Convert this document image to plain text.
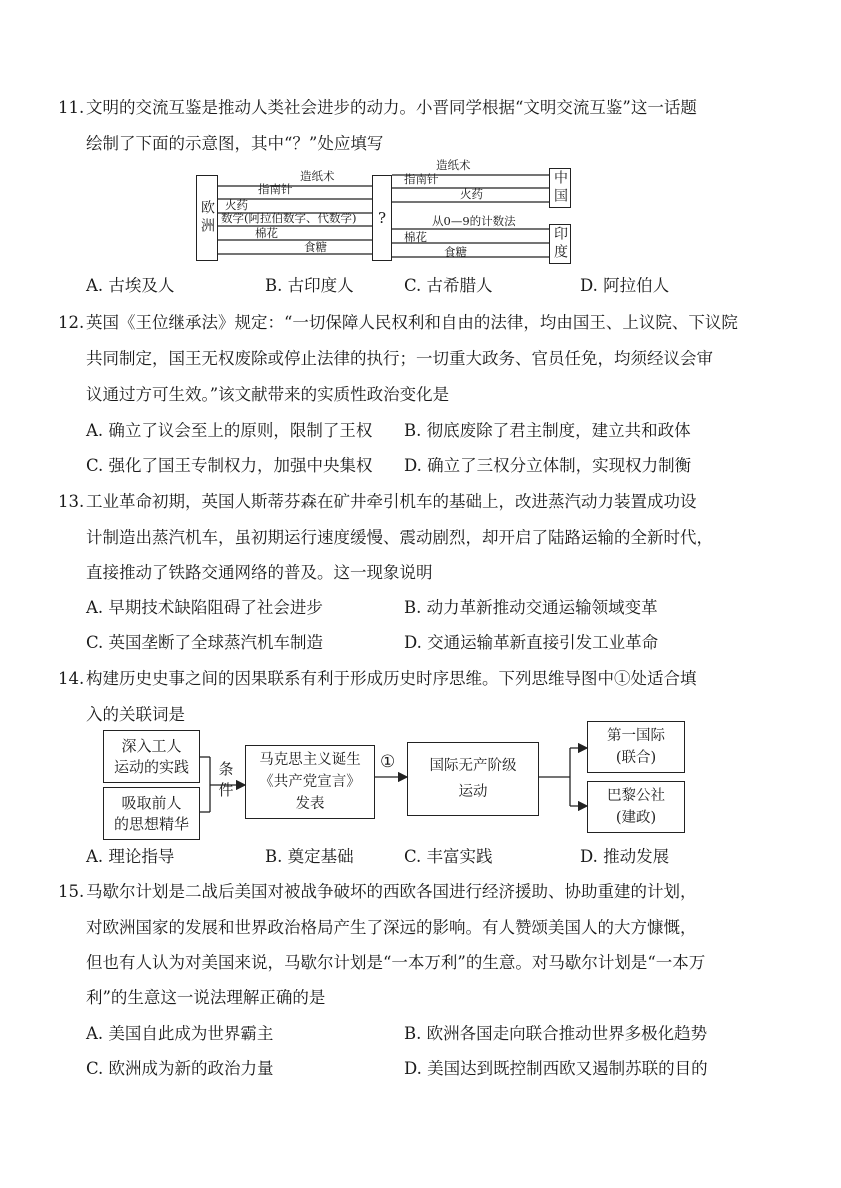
11. 文明的交流互鉴是推动人类社会进步的动力。小晋同学根据“文明交流互鉴”这一话题
绘制了下面的示意图，其中“？”处应填写
欧洲	?
中国
印度
造纸术
指南针
火药
数学(阿拉伯数字、代数学)
棉花
食糖
造纸术
指南针
火药
从0—9的计数法
棉花
食糖
A. 古埃及人	B. 古印度人	C. 古希腊人	D. 阿拉伯人
12. 英国《王位继承法》规定：“一切保障人民权利和自由的法律，均由国王、上议院、下议院
共同制定，国王无权废除或停止法律的执行；一切重大政务、官员任免，均须经议会审
议通过方可生效。”该文献带来的实质性政治变化是
A. 确立了议会至上的原则，限制了王权 B. 彻底废除了君主制度，建立共和政体
C. 强化了国王专制权力，加强中央集权 D. 确立了三权分立体制，实现权力制衡
13. 工业革命初期，英国人斯蒂芬森在矿井牵引机车的基础上，改进蒸汽动力装置成功设
计制造出蒸汽机车，虽初期运行速度缓慢、震动剧烈，却开启了陆路运输的全新时代，
直接推动了铁路交通网络的普及。这一现象说明
A. 早期技术缺陷阻碍了社会进步	B. 动力革新推动交通运输领域变革
C. 英国垄断了全球蒸汽机车制造	D. 交通运输革新直接引发工业革命
14. 构建历史史事之间的因果联系有利于形成历史时序思维。下列思维导图中①处适合填
入的关联词是
深入工人
运动的实践
吸取前人
的思想精华
条件
马克思主义诞生
《共产党宣言》
发表
①	国际无产阶级
运动
第一国际
(联合)
巴黎公社
(建政)
A. 理论指导	B. 奠定基础	C. 丰富实践	D. 推动发展
15. 马歇尔计划是二战后美国对被战争破坏的西欧各国进行经济援助、协助重建的计划，
对欧洲国家的发展和世界政治格局产生了深远的影响。有人赞颂美国人的大方慷慨，
但也有人认为对美国来说，马歇尔计划是“一本万利”的生意。对马歇尔计划是“一本万
利”的生意这一说法理解正确的是
A. 美国自此成为世界霸主	B. 欧洲各国走向联合推动世界多极化趋势
C. 欧洲成为新的政治力量	D. 美国达到既控制西欧又遏制苏联的目的
